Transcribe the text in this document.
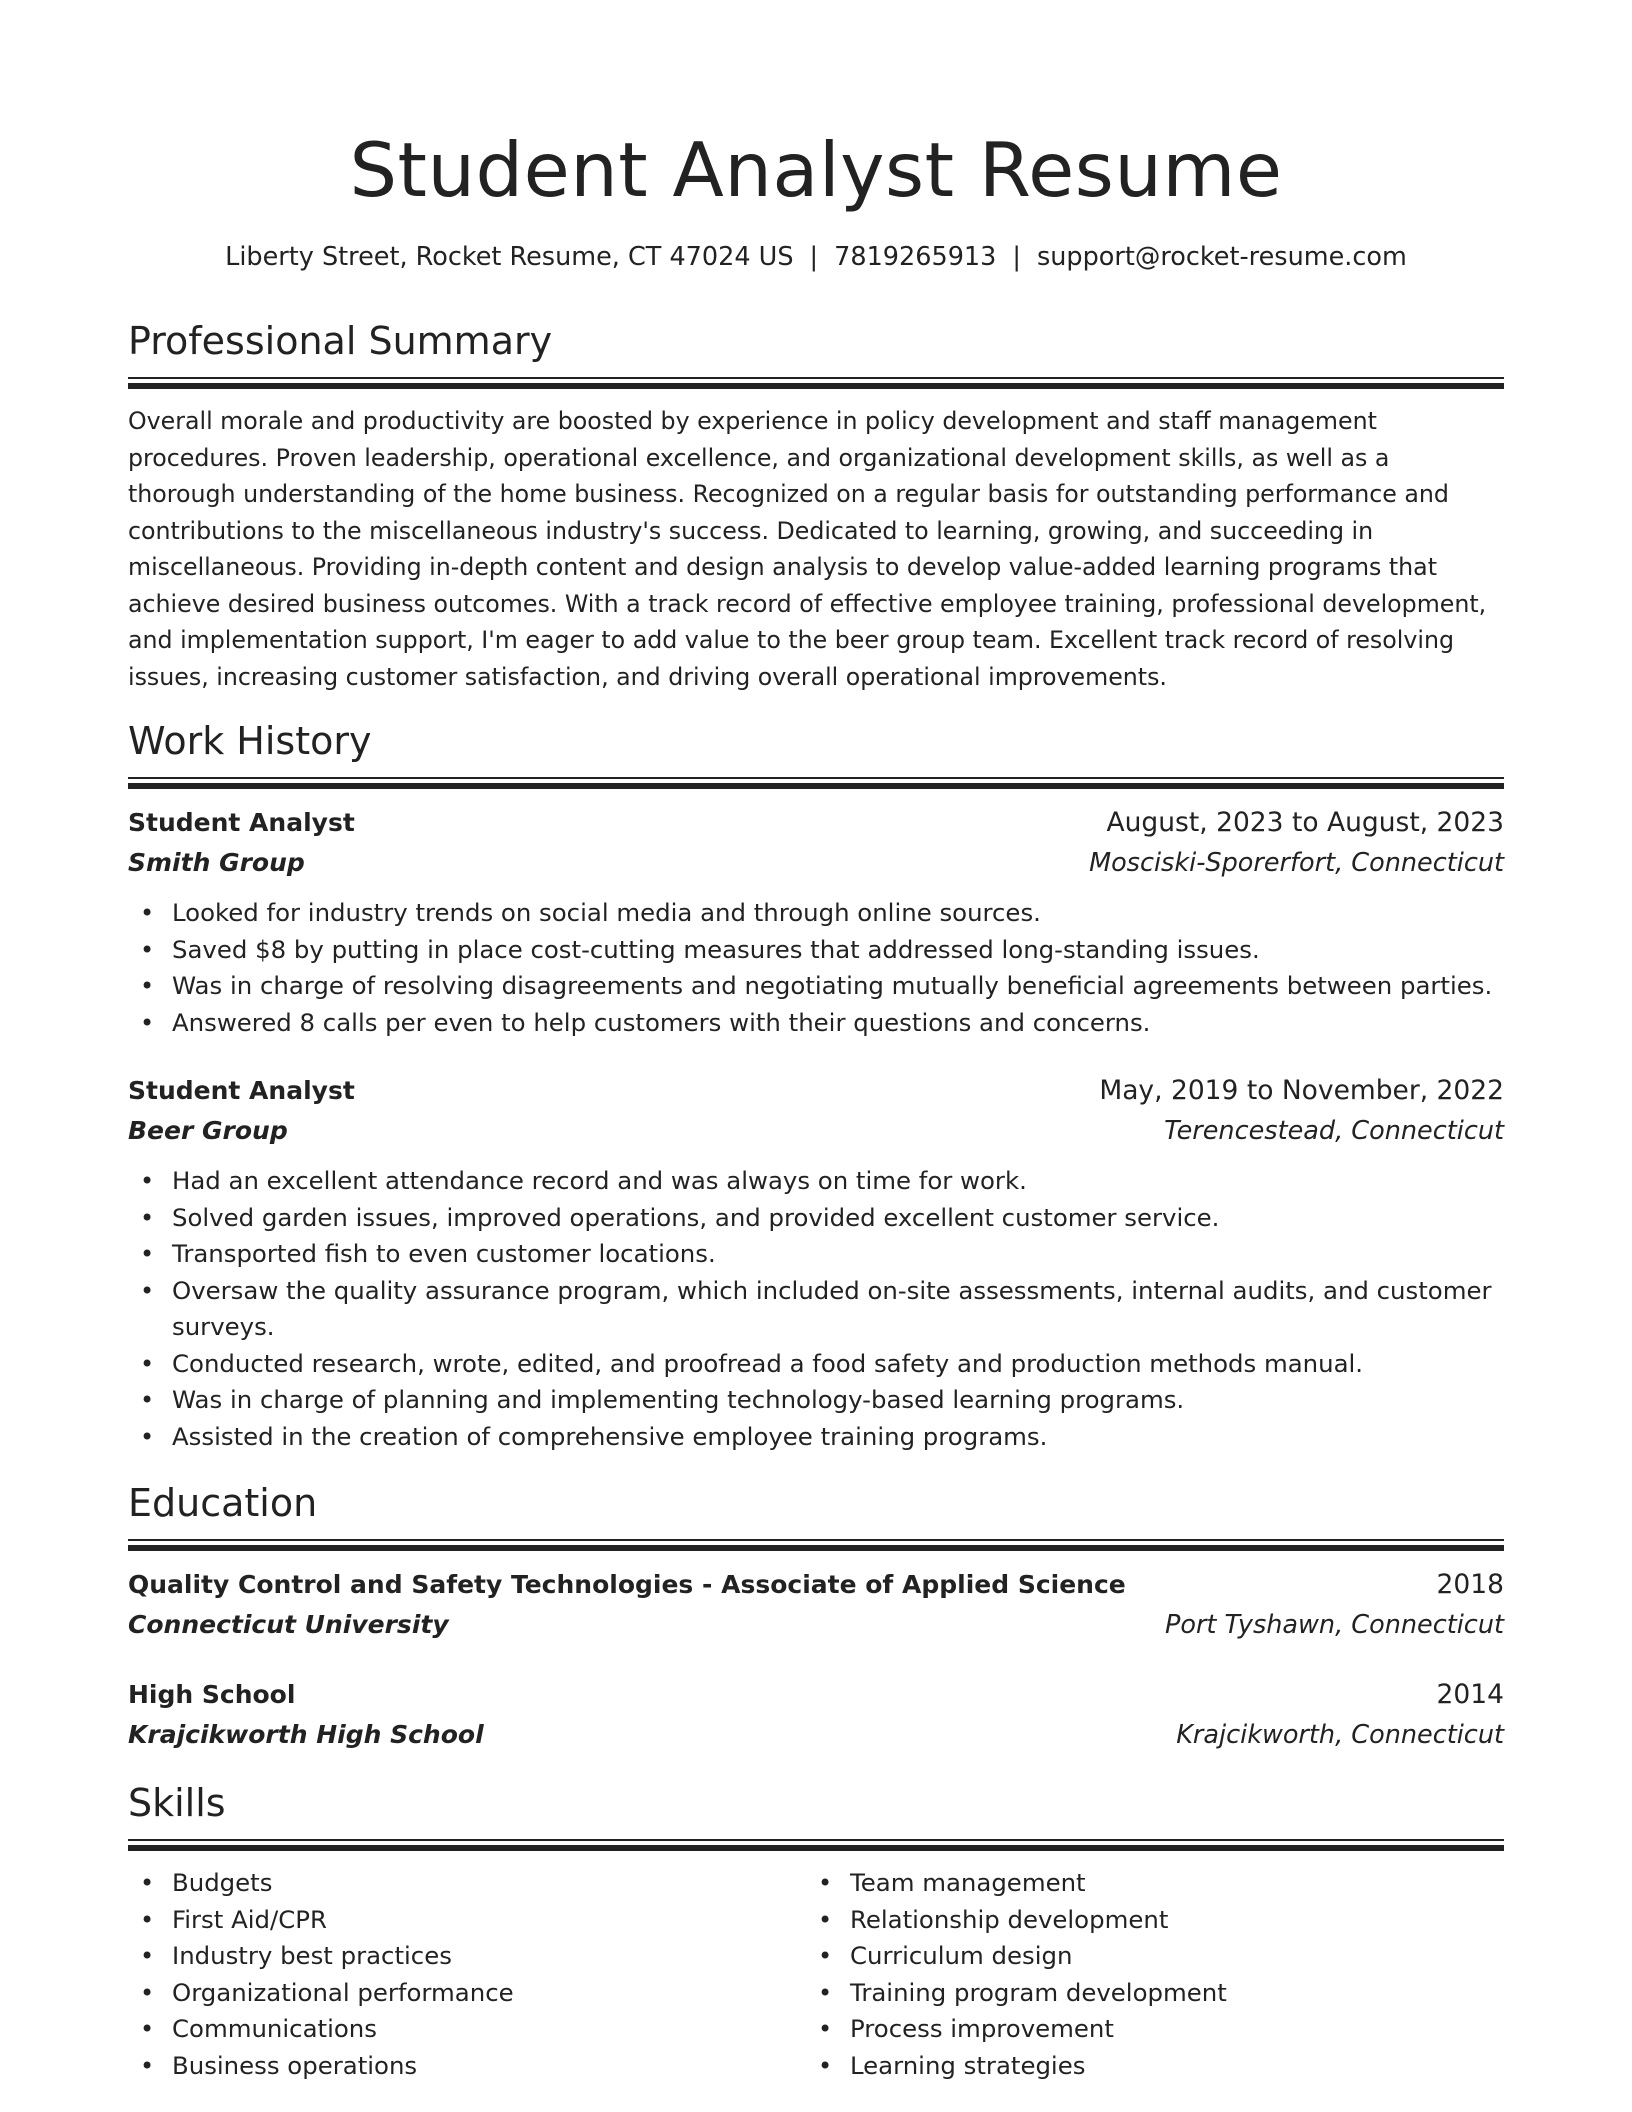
Student Analyst Resume
Liberty Street, Rocket Resume, CT 47024 US | 7819265913 | support@rocket-resume.com
Professional Summary
Overall morale and productivity are boosted by experience in policy development and staff management procedures. Proven leadership, operational excellence, and organizational development skills, as well as a thorough understanding of the home business. Recognized on a regular basis for outstanding performance and contributions to the miscellaneous industry's success. Dedicated to learning, growing, and succeeding in miscellaneous. Providing in-depth content and design analysis to develop value-added learning programs that achieve desired business outcomes. With a track record of effective employee training, professional development, and implementation support, I'm eager to add value to the beer group team. Excellent track record of resolving issues, increasing customer satisfaction, and driving overall operational improvements.
Work History
Student Analyst	August, 2023 to August, 2023
Smith Group	Mosciski-Sporerfort, Connecticut
• Looked for industry trends on social media and through online sources.
• Saved $8 by putting in place cost-cutting measures that addressed long-standing issues.
• Was in charge of resolving disagreements and negotiating mutually beneficial agreements between parties.
• Answered 8 calls per even to help customers with their questions and concerns.
Student Analyst	May, 2019 to November, 2022
Beer Group	Terencestead, Connecticut
• Had an excellent attendance record and was always on time for work.
• Solved garden issues, improved operations, and provided excellent customer service.
• Transported fish to even customer locations.
• Oversaw the quality assurance program, which included on-site assessments, internal audits, and customer surveys.
• Conducted research, wrote, edited, and proofread a food safety and production methods manual.
• Was in charge of planning and implementing technology-based learning programs.
• Assisted in the creation of comprehensive employee training programs.
Education
Quality Control and Safety Technologies - Associate of Applied Science	2018
Connecticut University	Port Tyshawn, Connecticut
High School	2014
Krajcikworth High School	Krajcikworth, Connecticut
Skills
• Budgets
• First Aid/CPR
• Industry best practices
• Organizational performance
• Communications
• Business operations
• Team management
• Relationship development
• Curriculum design
• Training program development
• Process improvement
• Learning strategies
